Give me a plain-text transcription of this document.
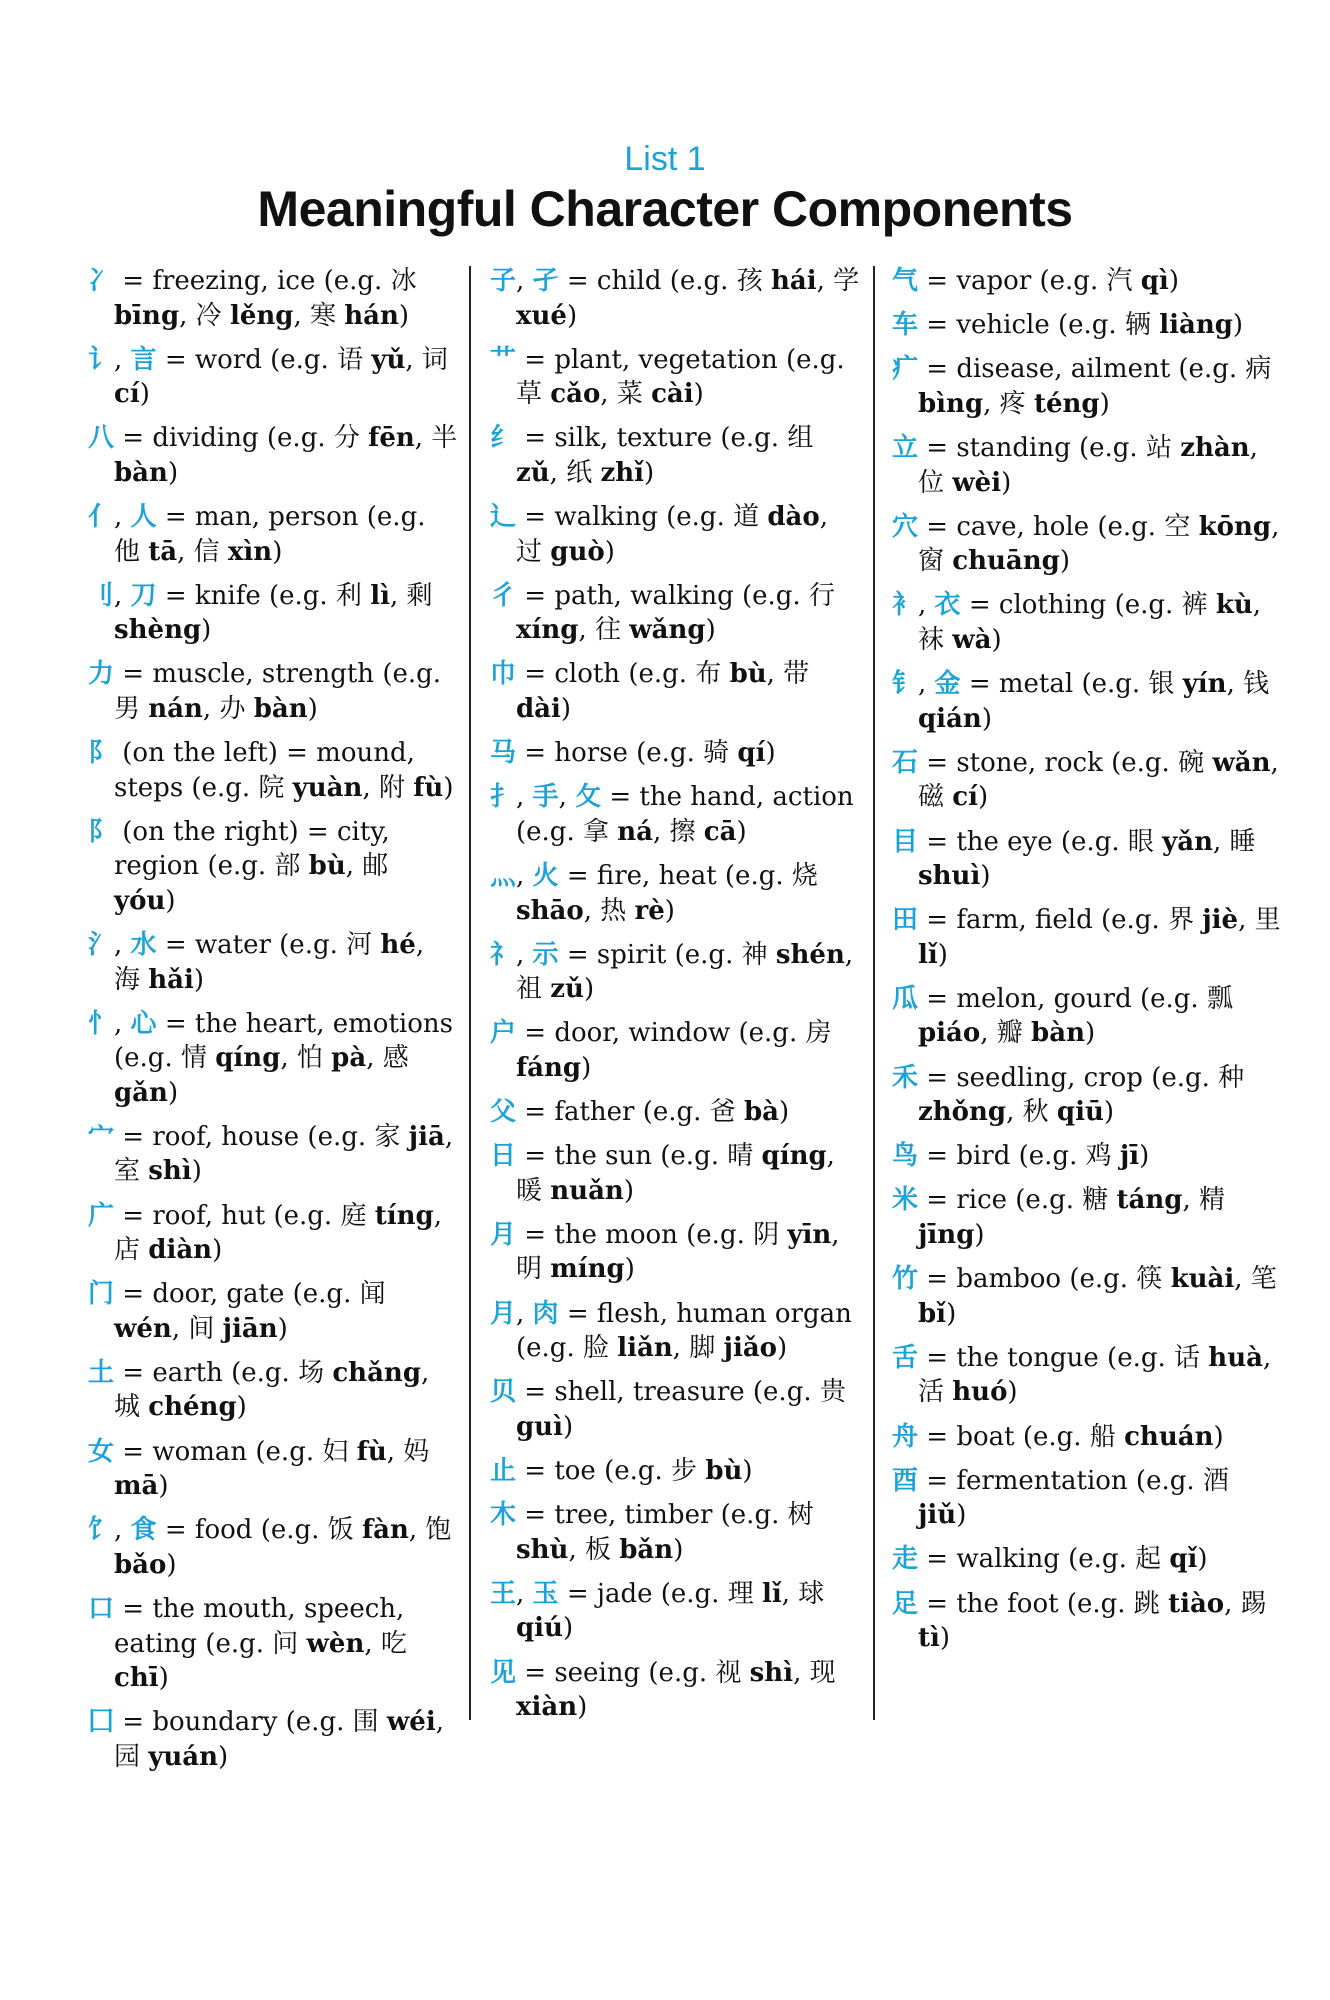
List 1
Meaningful Character Components
冫 = freezing, ice (e.g. 冰 bīng, 冷 lěng, 寒 hán)
讠, 言 = word (e.g. 语 yǔ, 词 cí)
八 = dividing (e.g. 分 fēn, 半 bàn)
亻, 人 = man, person (e.g. 他 tā, 信 xìn)
刂, 刀 = knife (e.g. 利 lì, 剩 shèng)
力 = muscle, strength (e.g. 男 nán, 办 bàn)
阝 (on the left) = mound, steps (e.g. 院 yuàn, 附 fù)
阝 (on the right) = city, region (e.g. 部 bù, 邮 yóu)
氵, 水 = water (e.g. 河 hé, 海 hǎi)
忄, 心 = the heart, emotions (e.g. 情 qíng, 怕 pà, 感 gǎn)
宀 = roof, house (e.g. 家 jiā, 室 shì)
广 = roof, hut (e.g. 庭 tíng, 店 diàn)
门 = door, gate (e.g. 闻 wén, 间 jiān)
土 = earth (e.g. 场 chǎng, 城 chéng)
女 = woman (e.g. 妇 fù, 妈 mā)
饣, 食 = food (e.g. 饭 fàn, 饱 bǎo)
口 = the mouth, speech, eating (e.g. 问 wèn, 吃 chī)
囗 = boundary (e.g. 围 wéi, 园 yuán)
子, 孑 = child (e.g. 孩 hái, 学 xué)
艹 = plant, vegetation (e.g. 草 cǎo, 菜 cài)
纟 = silk, texture (e.g. 组 zǔ, 纸 zhǐ)
辶 = walking (e.g. 道 dào, 过 guò)
彳 = path, walking (e.g. 行 xíng, 往 wǎng)
巾 = cloth (e.g. 布 bù, 带 dài)
马 = horse (e.g. 骑 qí)
扌, 手, 攵 = the hand, action (e.g. 拿 ná, 擦 cā)
灬, 火 = fire, heat (e.g. 烧 shāo, 热 rè)
礻, 示 = spirit (e.g. 神 shén, 祖 zǔ)
户 = door, window (e.g. 房 fáng)
父 = father (e.g. 爸 bà)
日 = the sun (e.g. 晴 qíng, 暖 nuǎn)
月 = the moon (e.g. 阴 yīn, 明 míng)
月, 肉 = flesh, human organ (e.g. 脸 liǎn, 脚 jiǎo)
贝 = shell, treasure (e.g. 贵 guì)
止 = toe (e.g. 步 bù)
木 = tree, timber (e.g. 树 shù, 板 bǎn)
王, 玉 = jade (e.g. 理 lǐ, 球 qiú)
见 = seeing (e.g. 视 shì, 现 xiàn)
气 = vapor (e.g. 汽 qì)
车 = vehicle (e.g. 辆 liàng)
疒 = disease, ailment (e.g. 病 bìng, 疼 téng)
立 = standing (e.g. 站 zhàn, 位 wèi)
穴 = cave, hole (e.g. 空 kōng, 窗 chuāng)
衤, 衣 = clothing (e.g. 裤 kù, 袜 wà)
钅, 金 = metal (e.g. 银 yín, 钱 qián)
石 = stone, rock (e.g. 碗 wǎn, 磁 cí)
目 = the eye (e.g. 眼 yǎn, 睡 shuì)
田 = farm, field (e.g. 界 jiè, 里 lǐ)
瓜 = melon, gourd (e.g. 瓢 piáo, 瓣 bàn)
禾 = seedling, crop (e.g. 种 zhǒng, 秋 qiū)
鸟 = bird (e.g. 鸡 jī)
米 = rice (e.g. 糖 táng, 精 jīng)
竹 = bamboo (e.g. 筷 kuài, 笔 bǐ)
舌 = the tongue (e.g. 话 huà, 活 huó)
舟 = boat (e.g. 船 chuán)
酉 = fermentation (e.g. 酒 jiǔ)
走 = walking (e.g. 起 qǐ)
足 = the foot (e.g. 跳 tiào, 踢 tì)
